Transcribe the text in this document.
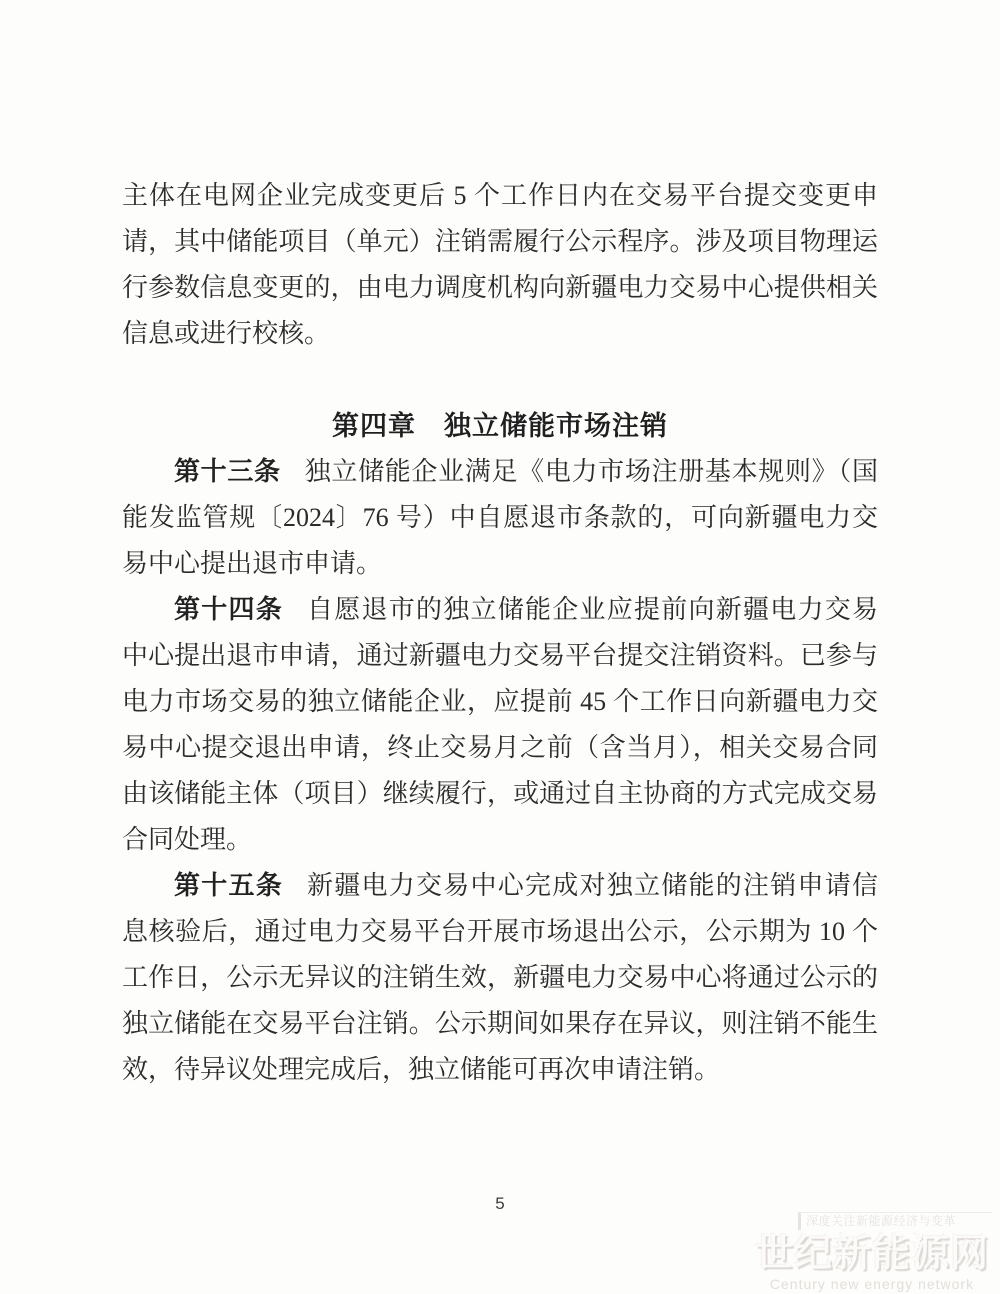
主体在电网企业完成变更后 5 个工作日内在交易平台提交变更申
请，其中储能项目（单元）注销需履行公示程序。涉及项目物理运
行参数信息变更的，由电力调度机构向新疆电力交易中心提供相关
信息或进行校核。
第四章　独立储能市场注销
第十三条 独立储能企业满足《电力市场注册基本规则》（国
能发监管规〔2024〕76 号）中自愿退市条款的，可向新疆电力交
易中心提出退市申请。
第十四条 自愿退市的独立储能企业应提前向新疆电力交易
中心提出退市申请，通过新疆电力交易平台提交注销资料。已参与
电力市场交易的独立储能企业，应提前 45 个工作日向新疆电力交
易中心提交退出申请，终止交易月之前（含当月），相关交易合同
由该储能主体（项目）继续履行，或通过自主协商的方式完成交易
合同处理。
第十五条 新疆电力交易中心完成对独立储能的注销申请信
息核验后，通过电力交易平台开展市场退出公示，公示期为 10 个
工作日，公示无异议的注销生效，新疆电力交易中心将通过公示的
独立储能在交易平台注销。公示期间如果存在异议，则注销不能生
效，待异议处理完成后，独立储能可再次申请注销。
5
深度关注新能源经济与变革
世纪新能源网
Century new energy network
